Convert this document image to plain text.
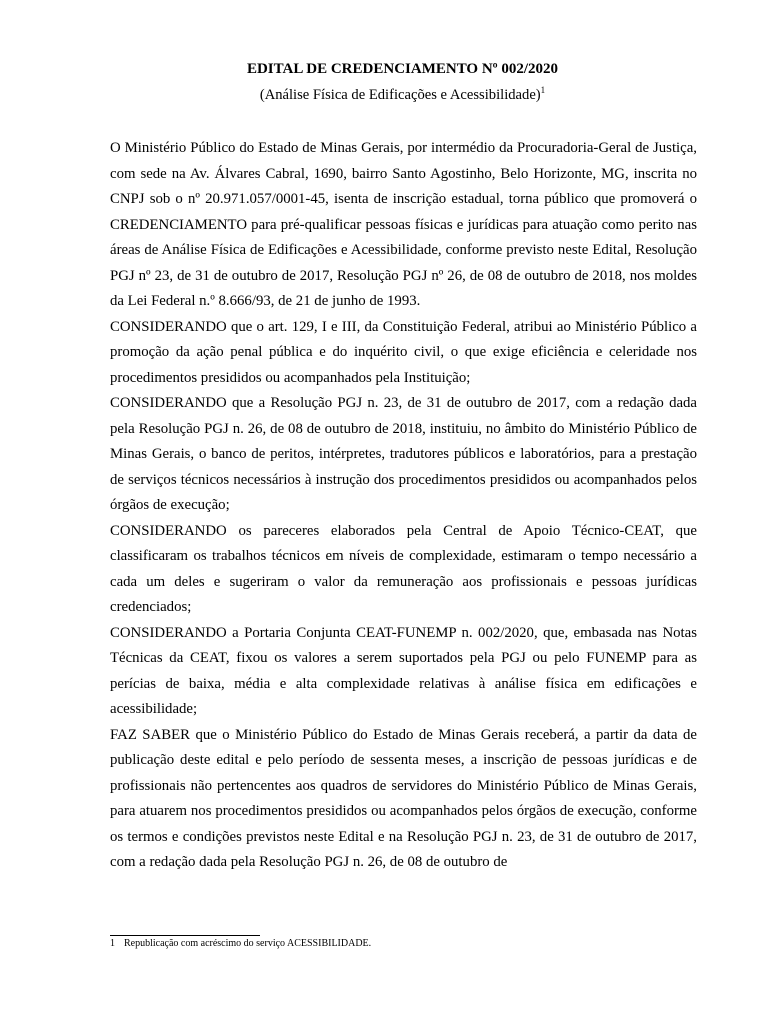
EDITAL DE CREDENCIAMENTO Nº 002/2020
(Análise Física de Edificações e Acessibilidade)$^1$

O Ministério Público do Estado de Minas Gerais, por intermédio da Procuradoria-Geral de Justiça, com sede na Av. Álvares Cabral, 1690, bairro Santo Agostinho, Belo Horizonte, MG, inscrita no CNPJ sob o nº 20.971.057/0001-45, isenta de inscrição estadual, torna público que promoverá o CREDENCIAMENTO para pré-qualificar pessoas físicas e jurídicas para atuação como perito nas áreas de Análise Física de Edificações e Acessibilidade, conforme previsto neste Edital, Resolução PGJ nº 23, de 31 de outubro de 2017, Resolução PGJ nº 26, de 08 de outubro de 2018, nos moldes da Lei Federal n.º 8.666/93, de 21 de junho de 1993.

CONSIDERANDO que o art. 129, I e III, da Constituição Federal, atribui ao Ministério Público a promoção da ação penal pública e do inquérito civil, o que exige eficiência e celeridade nos procedimentos presididos ou acompanhados pela Instituição;

CONSIDERANDO que a Resolução PGJ n. 23, de 31 de outubro de 2017, com a redação dada pela Resolução PGJ n. 26, de 08 de outubro de 2018, instituiu, no âmbito do Ministério Público de Minas Gerais, o banco de peritos, intérpretes, tradutores públicos e laboratórios, para a prestação de serviços técnicos necessários à instrução dos procedimentos presididos ou acompanhados pelos órgãos de execução;

CONSIDERANDO os pareceres elaborados pela Central de Apoio Técnico-CEAT, que classificaram os trabalhos técnicos em níveis de complexidade, estimaram o tempo necessário a cada um deles e sugeriram o valor da remuneração aos profissionais e pessoas jurídicas credenciados;

CONSIDERANDO a Portaria Conjunta CEAT-FUNEMP n. 002/2020, que, embasada nas Notas Técnicas da CEAT, fixou os valores a serem suportados pela PGJ ou pelo FUNEMP para as perícias de baixa, média e alta complexidade relativas à análise física em edificações e acessibilidade;

FAZ SABER que o Ministério Público do Estado de Minas Gerais receberá, a partir da data de publicação deste edital e pelo período de sessenta meses, a inscrição de pessoas jurídicas e de profissionais não pertencentes aos quadros de servidores do Ministério Público de Minas Gerais, para atuarem nos procedimentos presididos ou acompanhados pelos órgãos de execução, conforme os termos e condições previstos neste Edital e na Resolução PGJ n. 23, de 31 de outubro de 2017, com a redação dada pela Resolução PGJ n. 26, de 08 de outubro de

1 Republicação com acréscimo do serviço ACESSIBILIDADE.
